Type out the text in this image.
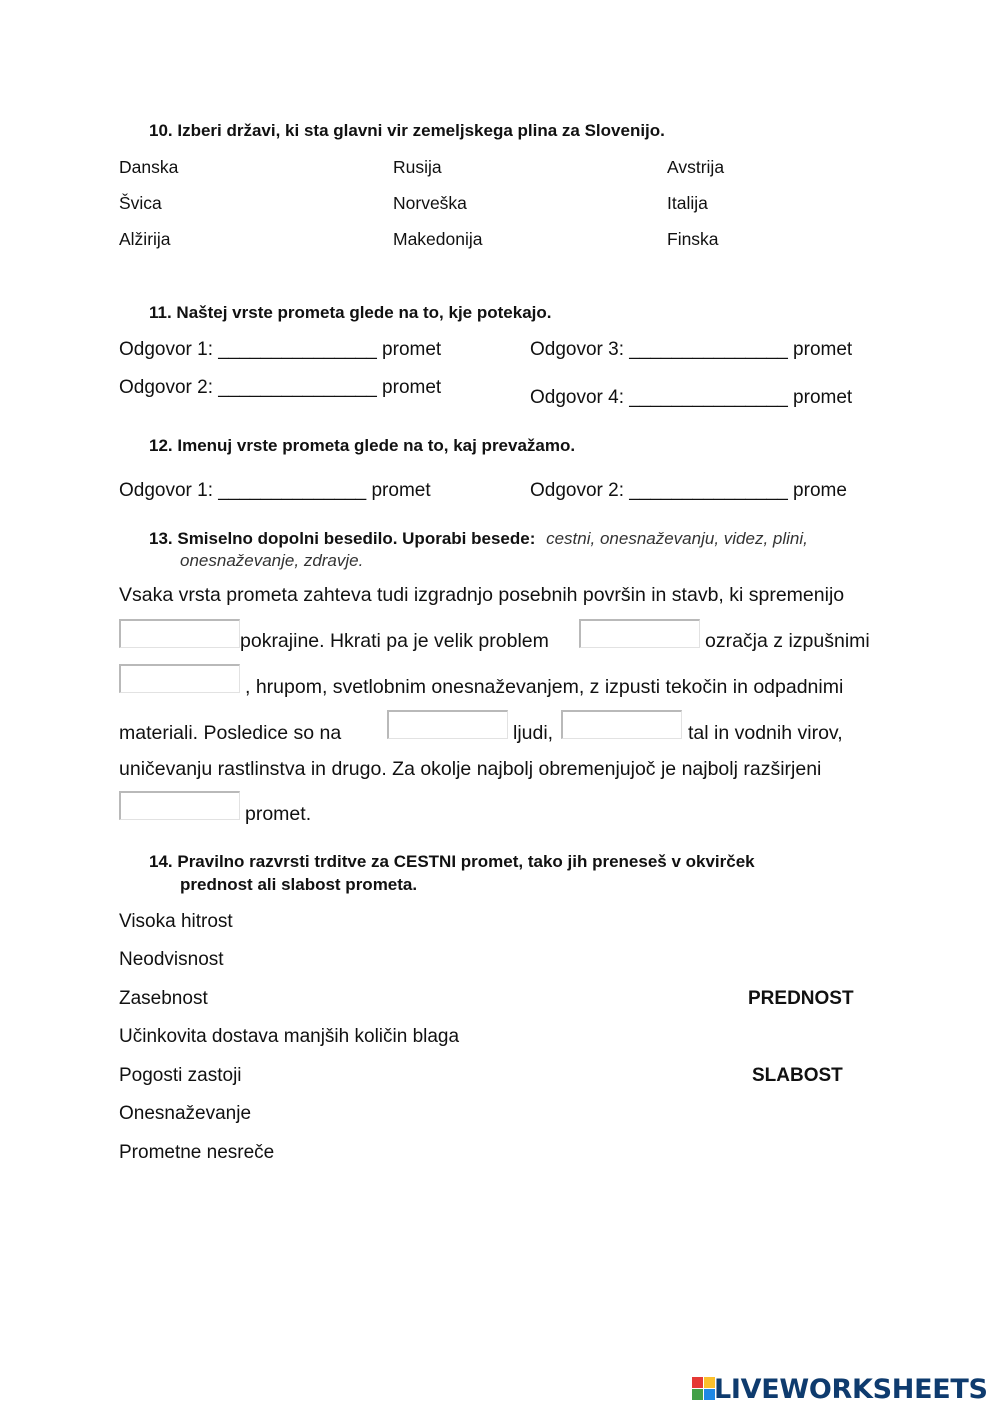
10. Izberi državi, ki sta glavni vir zemeljskega plina za Slovenijo.
Danska	Rusija	Avstrija
Švica	Norveška	Italija
Alžirija	Makedonija	Finska
11. Naštej vrste prometa glede na to, kje potekajo.
Odgovor 1: _______________ promet	Odgovor 3: _______________ promet
Odgovor 2: _______________ promet	Odgovor 4: _______________ promet
12. Imenuj vrste prometa glede na to, kaj prevažamo.
Odgovor 1: ______________ promet	Odgovor 2: _______________ prome
13. Smiselno dopolni besedilo. Uporabi besede: cestni, onesnaževanju, videz, plini,
onesnaževanje, zdravje.
Vsaka vrsta prometa zahteva tudi izgradnjo posebnih površin in stavb, ki spremenijo
pokrajine. Hkrati pa je velik problem	ozračja z izpušnimi
, hrupom, svetlobnim onesnaževanjem, z izpusti tekočin in odpadnimi
materiali. Posledice so na	ljudi,	tal in vodnih virov,
uničevanju rastlinstva in drugo. Za okolje najbolj obremenjujoč je najbolj razširjeni
promet.
14. Pravilno razvrsti trditve za CESTNI promet, tako jih preneseš v okvirček
prednost ali slabost prometa.
Visoka hitrost
Neodvisnost
Zasebnost
Učinkovita dostava manjših količin blaga
Pogosti zastoji
Onesnaževanje
Prometne nesreče
PREDNOST
SLABOST
LIVEWORKSHEETS
